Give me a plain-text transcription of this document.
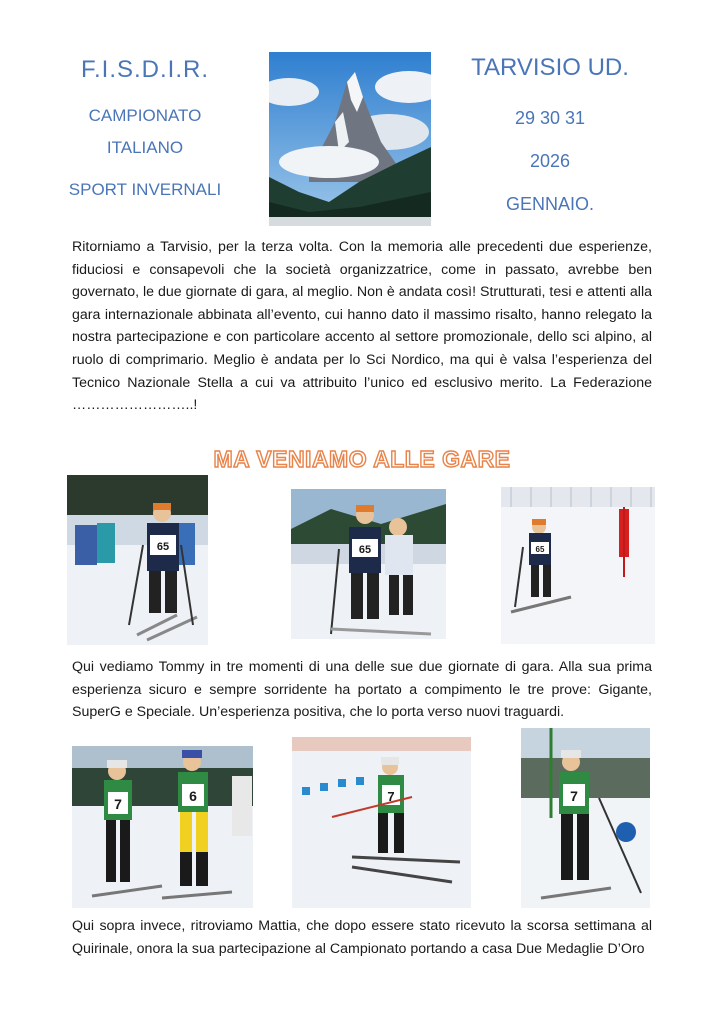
F.I.S.D.I.R.
CAMPIONATO
ITALIANO
SPORT INVERNALI
TARVISIO UD.
29 30 31
2026
GENNAIO.

Ritorniamo a Tarvisio, per la terza volta. Con la memoria alle precedenti due esperienze, fiduciosi e consapevoli che la società organizzatrice, come in passato, avrebbe ben governato, le due giornate di gara, al meglio. Non è andata così! Strutturati, tesi e attenti alla gara internazionale abbinata all’evento, cui hanno dato il massimo risalto, hanno relegato la nostra partecipazione e con particolare accento al settore promozionale, dello sci alpino, al ruolo di comprimario. Meglio è andata per lo Sci Nordico, ma qui è valsa l’esperienza del Tecnico Nazionale Stella a cui va attribuito l’unico ed esclusivo merito. La Federazione ……………………..!

MA VENIAMO ALLE GARE
65	65	65

Qui vediamo Tommy in tre momenti di una delle sue due giornate di gara. Alla sua prima esperienza sicuro e sempre sorridente ha portato a compimento le tre prove: Gigante, SuperG e Speciale. Un’esperienza positiva, che lo porta verso nuovi traguardi.

7	6	7	7

Qui sopra invece, ritroviamo Mattia, che dopo essere stato ricevuto la scorsa settimana al Quirinale, onora la sua partecipazione al Campionato portando a casa Due Medaglie D’Oro
